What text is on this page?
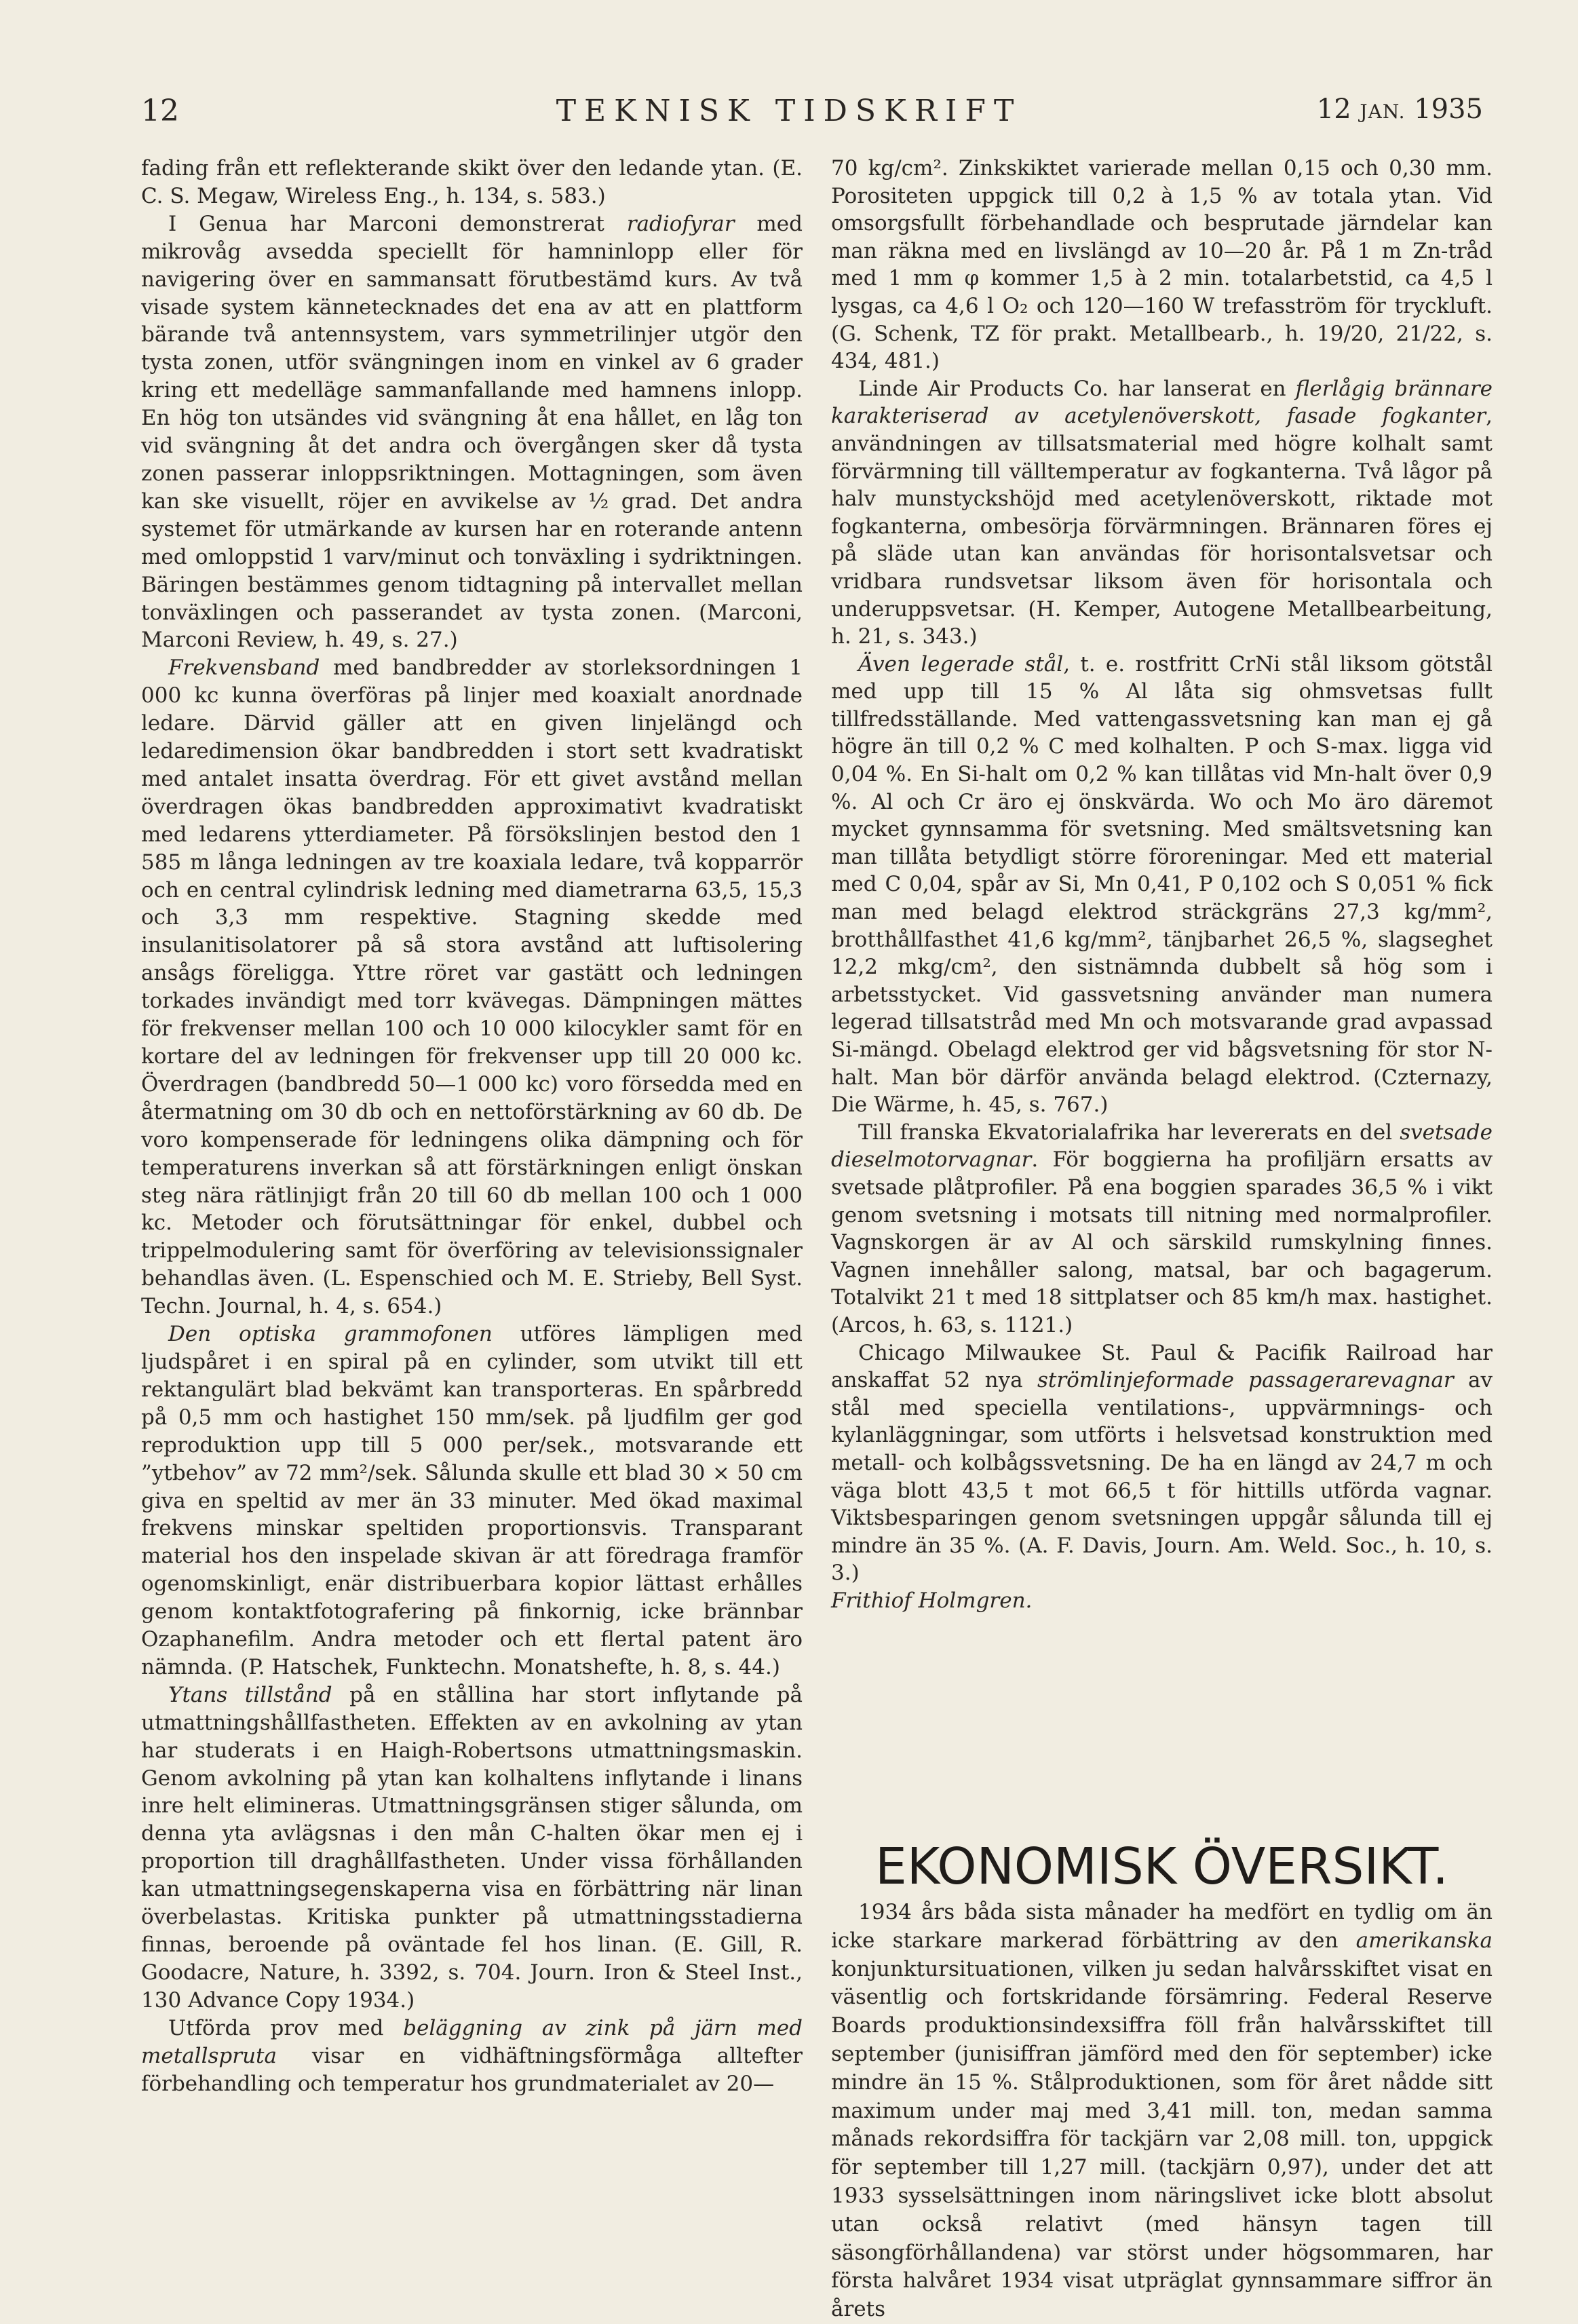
12	TEKNISK TIDSKRIFT	12 JAN. 1935

fading från ett reflekterande skikt över den ledande ytan. (E. C. S. Megaw, Wireless Eng., h. 134, s. 583.)

I Genua har Marconi demonstrerat radiofyrar med mikrovåg avsedda speciellt för hamninlopp eller för navigering över en sammansatt förutbestämd kurs. Av två visade system kännetecknades det ena av att en plattform bärande två antennsystem, vars symmetrilinjer utgör den tysta zonen, utför svängningen inom en vinkel av 6 grader kring ett medelläge sammanfallande med hamnens inlopp. En hög ton utsändes vid svängning åt ena hållet, en låg ton vid svängning åt det andra och övergången sker då tysta zonen passerar inloppsriktningen. Mottagningen, som även kan ske visuellt, röjer en avvikelse av ½ grad. Det andra systemet för utmärkande av kursen har en roterande antenn med omloppstid 1 varv/minut och tonväxling i sydriktningen. Bäringen bestämmes genom tidtagning på intervallet mellan tonväxlingen och passerandet av tysta zonen. (Marconi, Marconi Review, h. 49, s. 27.)

Frekvensband med bandbredder av storleksordningen 1 000 kc kunna överföras på linjer med koaxialt anordnade ledare. Därvid gäller att en given linjelängd och ledaredimension ökar bandbredden i stort sett kvadratiskt med antalet insatta överdrag. För ett givet avstånd mellan överdragen ökas bandbredden approximativt kvadratiskt med ledarens ytterdiameter. På försökslinjen bestod den 1 585 m långa ledningen av tre koaxiala ledare, två kopparrör och en central cylindrisk ledning med diametrarna 63,5, 15,3 och 3,3 mm respektive. Stagning skedde med insulanitisolatorer på så stora avstånd att luftisolering ansågs föreligga. Yttre röret var gastätt och ledningen torkades invändigt med torr kvävegas. Dämpningen mättes för frekvenser mellan 100 och 10 000 kilocykler samt för en kortare del av ledningen för frekvenser upp till 20 000 kc. Överdragen (bandbredd 50—1 000 kc) voro försedda med en återmatning om 30 db och en nettoförstärkning av 60 db. De voro kompenserade för ledningens olika dämpning och för temperaturens inverkan så att förstärkningen enligt önskan steg nära rätlinjigt från 20 till 60 db mellan 100 och 1 000 kc. Metoder och förutsättningar för enkel, dubbel och trippelmodulering samt för överföring av televisionssignaler behandlas även. (L. Espenschied och M. E. Strieby, Bell Syst. Techn. Journal, h. 4, s. 654.)

Den optiska grammofonen utföres lämpligen med ljudspåret i en spiral på en cylinder, som utvikt till ett rektangulärt blad bekvämt kan transporteras. En spårbredd på 0,5 mm och hastighet 150 mm/sek. på ljudfilm ger god reproduktion upp till 5 000 per/sek., motsvarande ett ”ytbehov” av 72 mm²/sek. Sålunda skulle ett blad 30 × 50 cm giva en speltid av mer än 33 minuter. Med ökad maximal frekvens minskar speltiden proportionsvis. Transparant material hos den inspelade skivan är att föredraga framför ogenomskinligt, enär distribuerbara kopior lättast erhålles genom kontaktfotografering på finkornig, icke brännbar Ozaphanefilm. Andra metoder och ett flertal patent äro nämnda. (P. Hatschek, Funktechn. Monatshefte, h. 8, s. 44.)

Ytans tillstånd på en stållina har stort inflytande på utmattningshållfastheten. Effekten av en avkolning av ytan har studerats i en Haigh-Robertsons utmattningsmaskin. Genom avkolning på ytan kan kolhaltens inflytande i linans inre helt elimineras. Utmattningsgränsen stiger sålunda, om denna yta avlägsnas i den mån C-halten ökar men ej i proportion till draghållfastheten. Under vissa förhållanden kan utmattningsegenskaperna visa en förbättring när linan överbelastas. Kritiska punkter på utmattningsstadierna finnas, beroende på oväntade fel hos linan. (E. Gill, R. Goodacre, Nature, h. 3392, s. 704. Journ. Iron & Steel Inst., 130 Advance Copy 1934.)

Utförda prov med beläggning av zink på järn med metallspruta visar en vidhäftningsförmåga alltefter förbehandling och temperatur hos grundmaterialet av 20—

70 kg/cm². Zinkskiktet varierade mellan 0,15 och 0,30 mm. Porositeten uppgick till 0,2 à 1,5 % av totala ytan. Vid omsorgsfullt förbehandlade och besprutade järndelar kan man räkna med en livslängd av 10—20 år. På 1 m Zn-tråd med 1 mm φ kommer 1,5 à 2 min. totalarbetstid, ca 4,5 l lysgas, ca 4,6 l O₂ och 120—160 W trefasström för tryckluft. (G. Schenk, TZ för prakt. Metallbearb., h. 19/20, 21/22, s. 434, 481.)

Linde Air Products Co. har lanserat en flerlågig brännare karakteriserad av acetylenöverskott, fasade fogkanter, användningen av tillsatsmaterial med högre kolhalt samt förvärmning till välltemperatur av fogkanterna. Två lågor på halv munstyckshöjd med acetylenöverskott, riktade mot fogkanterna, ombesörja förvärmningen. Brännaren föres ej på släde utan kan användas för horisontalsvetsar och vridbara rundsvetsar liksom även för horisontala och underuppsvetsar. (H. Kemper, Autogene Metallbearbeitung, h. 21, s. 343.)

Även legerade stål, t. e. rostfritt CrNi stål liksom götstål med upp till 15 % Al låta sig ohmsvetsas fullt tillfredsställande. Med vattengassvetsning kan man ej gå högre än till 0,2 % C med kolhalten. P och S-max. ligga vid 0,04 %. En Si-halt om 0,2 % kan tillåtas vid Mn-halt över 0,9 %. Al och Cr äro ej önskvärda. Wo och Mo äro däremot mycket gynnsamma för svetsning. Med smältsvetsning kan man tillåta betydligt större föroreningar. Med ett material med C 0,04, spår av Si, Mn 0,41, P 0,102 och S 0,051 % fick man med belagd elektrod sträckgräns 27,3 kg/mm², brotthållfasthet 41,6 kg/mm², tänjbarhet 26,5 %, slagseghet 12,2 mkg/cm², den sistnämnda dubbelt så hög som i arbetsstycket. Vid gassvetsning använder man numera legerad tillsatstråd med Mn och motsvarande grad avpassad Si-mängd. Obelagd elektrod ger vid bågsvetsning för stor N-halt. Man bör därför använda belagd elektrod. (Czternazy, Die Wärme, h. 45, s. 767.)

Till franska Ekvatorialafrika har levererats en del svetsade dieselmotorvagnar. För boggierna ha profiljärn ersatts av svetsade plåtprofiler. På ena boggien sparades 36,5 % i vikt genom svetsning i motsats till nitning med normalprofiler. Vagnskorgen är av Al och särskild rumskylning finnes. Vagnen innehåller salong, matsal, bar och bagagerum. Totalvikt 21 t med 18 sittplatser och 85 km/h max. hastighet. (Arcos, h. 63, s. 1121.)

Chicago Milwaukee St. Paul & Pacifik Railroad har anskaffat 52 nya strömlinjeformade passagerarevagnar av stål med speciella ventilations-, uppvärmnings- och kylanläggningar, som utförts i helsvetsad konstruktion med metall- och kolbågssvetsning. De ha en längd av 24,7 m och väga blott 43,5 t mot 66,5 t för hittills utförda vagnar. Viktsbesparingen genom svetsningen uppgår sålunda till ej mindre än 35 %. (A. F. Davis, Journ. Am. Weld. Soc., h. 10, s. 3.)

Frithiof Holmgren.

EKONOMISK ÖVERSIKT.

1934 års båda sista månader ha medfört en tydlig om än icke starkare markerad förbättring av den amerikanska konjunktursituationen, vilken ju sedan halvårsskiftet visat en väsentlig och fortskridande försämring. Federal Reserve Boards produktionsindexsiffra föll från halvårsskiftet till september (junisiffran jämförd med den för september) icke mindre än 15 %. Stålproduktionen, som för året nådde sitt maximum under maj med 3,41 mill. ton, medan samma månads rekordsiffra för tackjärn var 2,08 mill. ton, uppgick för september till 1,27 mill. (tackjärn 0,97), under det att 1933 sysselsättningen inom näringslivet icke blott absolut utan också relativt (med hänsyn tagen till säsongförhållandena) var störst under högsommaren, har första halvåret 1934 visat utpräglat gynnsammare siffror än årets
